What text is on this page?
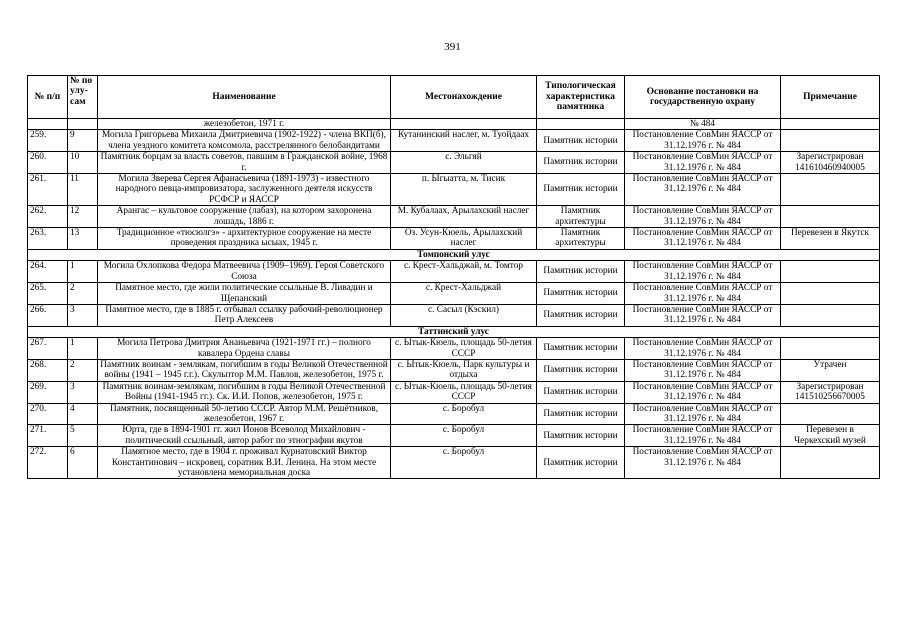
391
№ п/п	№ по улу-сам	Наименование	Местонахождение	Типологическая характеристика памятника	Основание постановки на государственную охрану	Примечание
		железобетон, 1971 г.			№ 484	
259.	9	Могила Григорьева Михаила Дмитриевича (1902-1922) - члена ВКП(б), члена уездного комитета комсомола, расстрелянного белобандитами	Кутанинский наслег, м. Туойдаах	Памятник истории	Постановление СовМин ЯАССР от 31.12.1976 г. № 484	
260.	10	Памятник борцам за власть советов, павшим в Гражданской войне, 1968 г.	с. Эльгяй	Памятник истории	Постановление СовМин ЯАССР от 31.12.1976 г. № 484	Зарегистрирован 141610460940005
261.	11	Могила Зверева Сергея Афанасьевича (1891-1973) - известного народного певца-импровизатора, заслуженного деятеля искусств РСФСР и ЯАССР	п. Ыгыатта, м. Тисик	Памятник истории	Постановление СовМин ЯАССР от 31.12.1976 г. № 484	
262.	12	Арангас – культовое сооружение (лабаз), на котором захоронена лошадь, 1886 г.	М. Кубалаах, Арылахский наслег	Памятник архитектуры	Постановление СовМин ЯАССР от 31.12.1976 г. № 484	
263.	13	Традиционное «тюсюлгэ» - архитектурное сооружение на месте проведения праздника ысыах, 1945 г.	Оз. Усун-Кюель, Арылахский наслег	Памятник архитектуры	Постановление СовМин ЯАССР от 31.12.1976 г. № 484	Перевезен в Якутск
Томпонский улус						
264.	1	Могила Охлопкова Федора Матвеевича (1909–1969). Героя Советского Союза	с. Крест-Хальджай, м. Томтор	Памятник истории	Постановление СовМин ЯАССР от 31.12.1976 г. № 484	
265.	2	Памятное место, где жили политические ссыльные В. Ливадин и Щепанский	с. Крест-Хальджай	Памятник истории	Постановление СовМин ЯАССР от 31.12.1976 г. № 484	
266.	3	Памятное место, где в 1885 г. отбывал ссылку рабочий-революционер Петр Алексеев	с. Сасыл (Кэскил)	Памятник истории	Постановление СовМин ЯАССР от 31.12.1976 г. № 484	
Таттинский улус						
267.	1	Могила Петрова Дмитрия Ананьевича (1921-1971 гг.) – полного кавалера Ордена славы	с. Ытык-Кюель, площадь 50-летия СССР	Памятник истории	Постановление СовМин ЯАССР от 31.12.1976 г. № 484	
268.	2	Памятник воинам - землякам, погибшим в годы Великой Отечественной войны (1941 – 1945 г.г.). Скульптор М.М. Павлов, железобетон, 1975 г.	с. Ытык-Кюель, Парк культуры и отдыха	Памятник истории	Постановление СовМин ЯАССР от 31.12.1976 г. № 484	Утрачен
269.	3	Памятник воинам-землякам, погибшим в годы Великой Отечественной Войны (1941-1945 гг.). Ск. И.И. Попов, железобетон, 1975 г.	с. Ытык-Кюель, площадь 50-летия СССР	Памятник истории	Постановление СовМин ЯАССР от 31.12.1976 г. № 484	Зарегистрирован 141510256670005
270.	4	Памятник, посвященный 50-летию СССР. Автор М.М. Решётников, железобетон, 1967 г.	с. Боробул	Памятник истории	Постановление СовМин ЯАССР от 31.12.1976 г. № 484	
271.	5	Юрта, где в 1894-1901 гг. жил Ионов Всеволод Михайлович - политический ссыльный, автор работ по этнографии якутов	с. Боробул	Памятник истории	Постановление СовМин ЯАССР от 31.12.1976 г. № 484	Перевезен в Черкехский музей
272.	6	Памятное место, где в 1904 г. проживал Курнатовский Виктор Константинович – искровец, соратник В.И. Ленина. На этом месте установлена мемориальная доска	с. Боробул	Памятник истории	Постановление СовМин ЯАССР от 31.12.1976 г. № 484	
